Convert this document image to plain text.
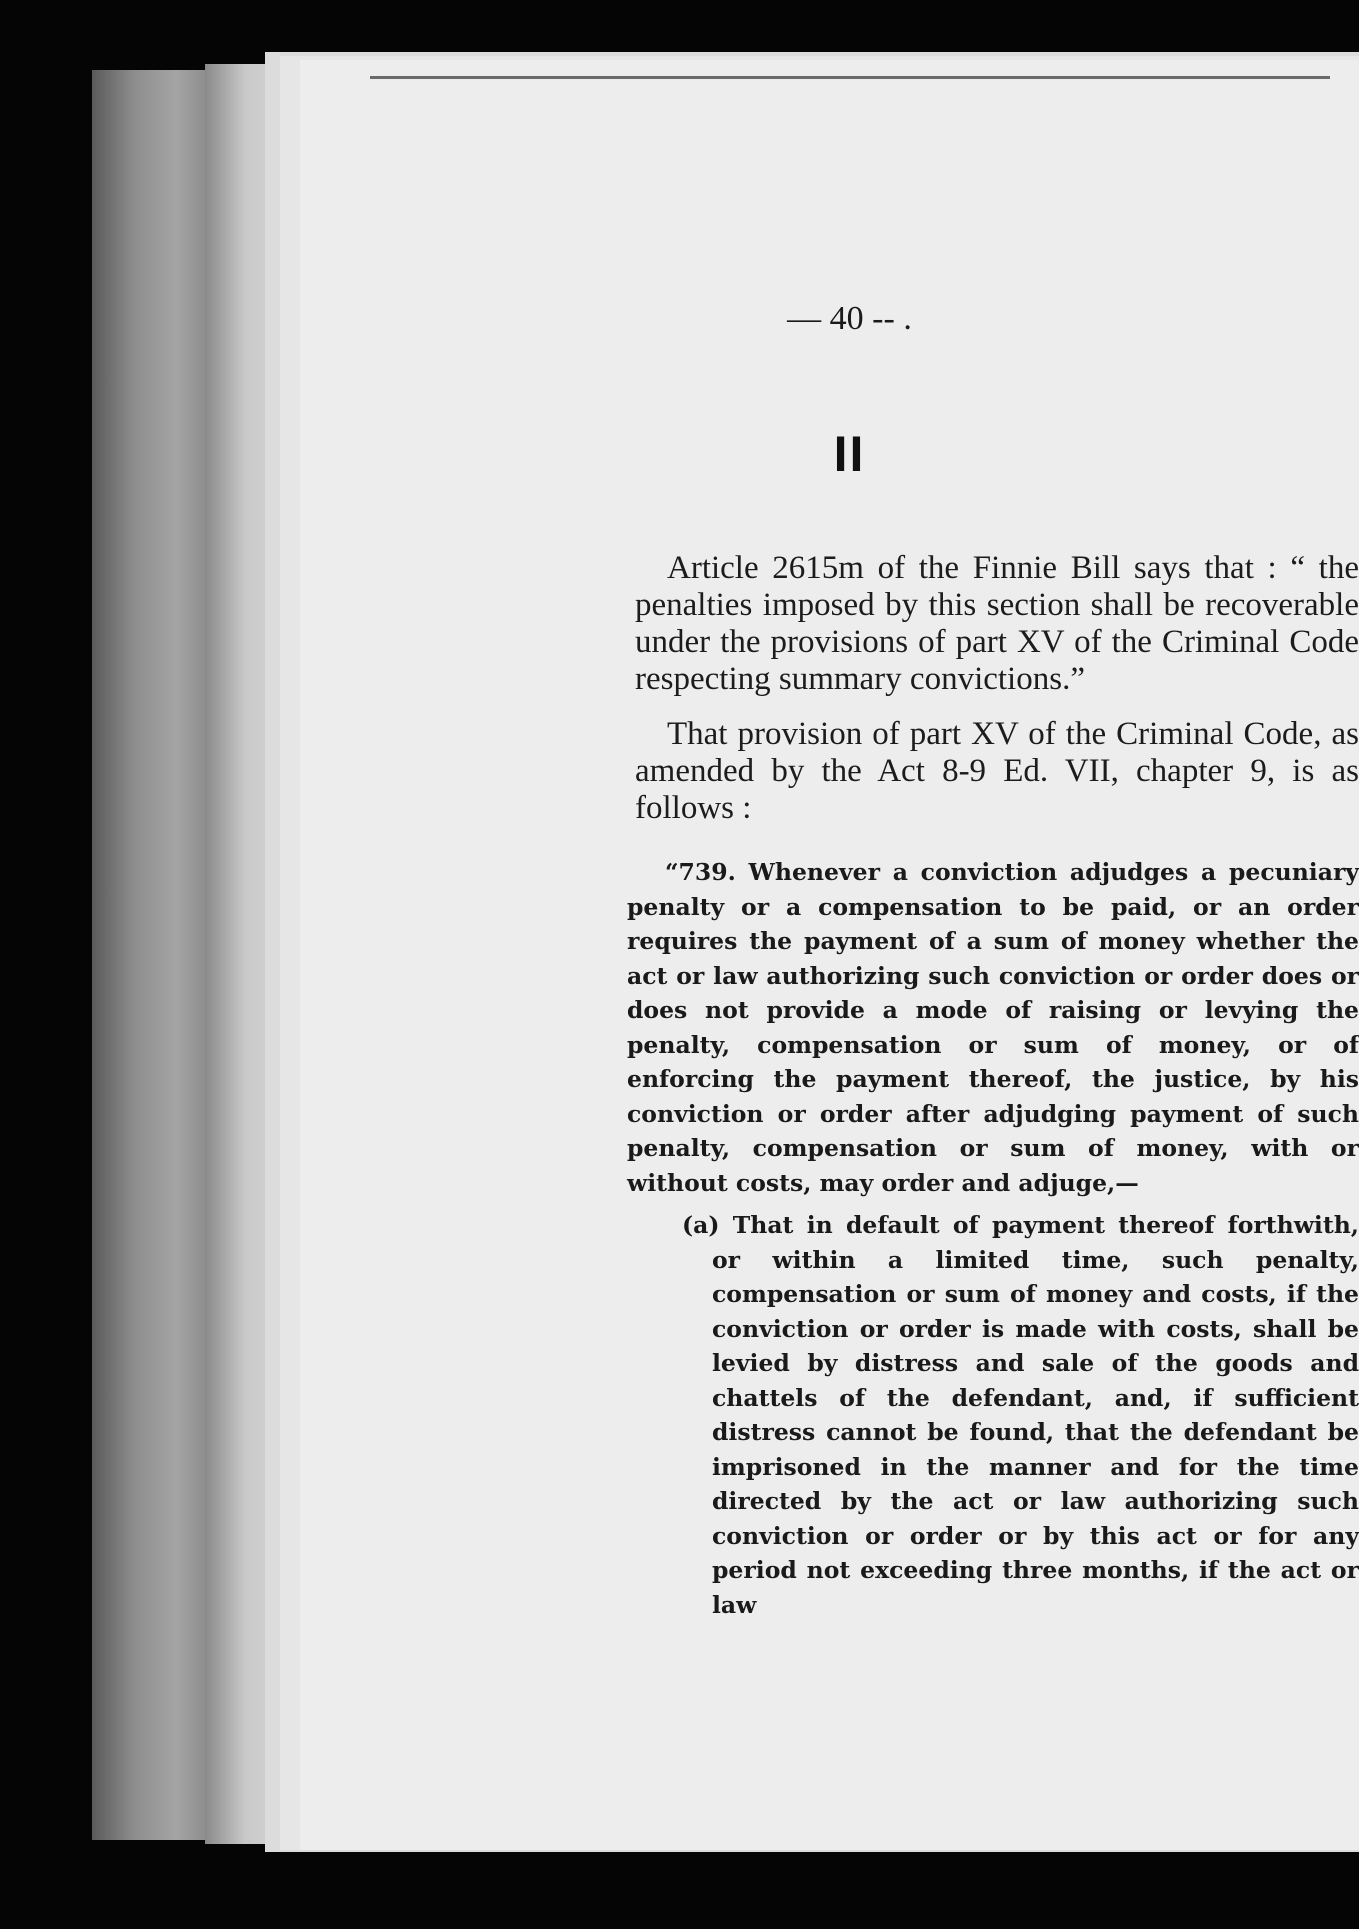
— 40 -- .
II

Article 2615m of the Finnie Bill says that : “ the penalties imposed by this section shall be recoverable under the provisions of part XV of the Criminal Code respecting summary convictions.”

That provision of part XV of the Criminal Code, as amended by the Act 8-9 Ed. VII, chapter 9, is as follows :

“739. Whenever a conviction adjudges a pecuniary penalty or a compensation to be paid, or an order requires the payment of a sum of money whether the act or law authorizing such conviction or order does or does not provide a mode of raising or levying the penalty, compensation or sum of money, or of enforcing the payment thereof, the justice, by his conviction or order after adjudging payment of such penalty, compensation or sum of money, with or without costs, may order and adjuge,—

(a) That in default of payment thereof forthwith, or within a limited time, such penalty, compensation or sum of money and costs, if the conviction or order is made with costs, shall be levied by distress and sale of the goods and chattels of the defendant, and, if sufficient distress cannot be found, that the defendant be imprisoned in the manner and for the time directed by the act or law authorizing such conviction or order or by this act or for any period not exceeding three months, if the act or law
